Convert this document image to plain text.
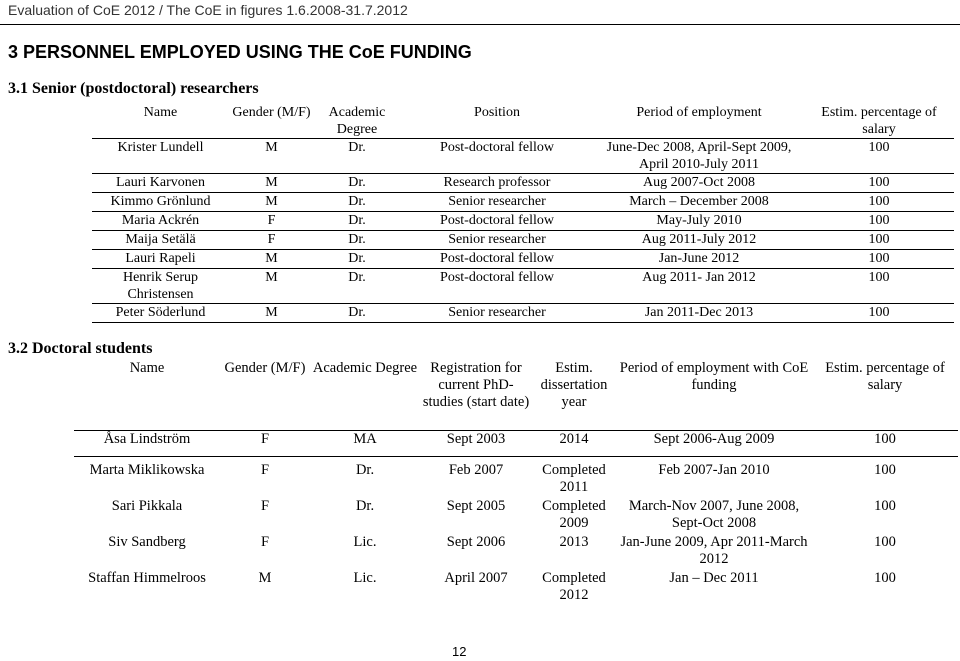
Evaluation of CoE 2012 / The CoE in figures 1.6.2008-31.7.2012
3 PERSONNEL EMPLOYED USING THE CoE FUNDING
3.1 Senior (postdoctoral) researchers
Name	Gender (M/F)	Academic Degree	Position	Period of employment	Estim. percentage of salary
Krister Lundell	M	Dr.	Post-doctoral fellow	June-Dec 2008, April-Sept 2009, April 2010-July 2011	100
Lauri Karvonen	M	Dr.	Research professor	Aug 2007-Oct 2008	100
Kimmo Grönlund	M	Dr.	Senior researcher	March – December 2008	100
Maria Ackrén	F	Dr.	Post-doctoral fellow	May-July 2010	100
Maija Setälä	F	Dr.	Senior researcher	Aug 2011-July 2012	100
Lauri Rapeli	M	Dr.	Post-doctoral fellow	Jan-June 2012	100
Henrik Serup Christensen	M	Dr.	Post-doctoral fellow	Aug 2011- Jan 2012	100
Peter Söderlund	M	Dr.	Senior researcher	Jan 2011-Dec 2013	100
3.2 Doctoral students
Name	Gender (M/F)	Academic Degree	Registration for current PhD-studies (start date)	Estim. dissertation year	Period of employment with CoE funding	Estim. percentage of salary
Åsa Lindström	F	MA	Sept 2003	2014	Sept 2006-Aug 2009	100

Marta Miklikowska	F	Dr.	Feb 2007	Completed 2011	Feb 2007-Jan 2010	100
Sari Pikkala	F	Dr.	Sept 2005	Completed 2009	March-Nov 2007, June 2008, Sept-Oct 2008	100
Siv Sandberg	F	Lic.	Sept 2006	2013	Jan-June 2009, Apr 2011-March 2012	100
Staffan Himmelroos	M	Lic.	April 2007	Completed 2012	Jan – Dec 2011	100
12
